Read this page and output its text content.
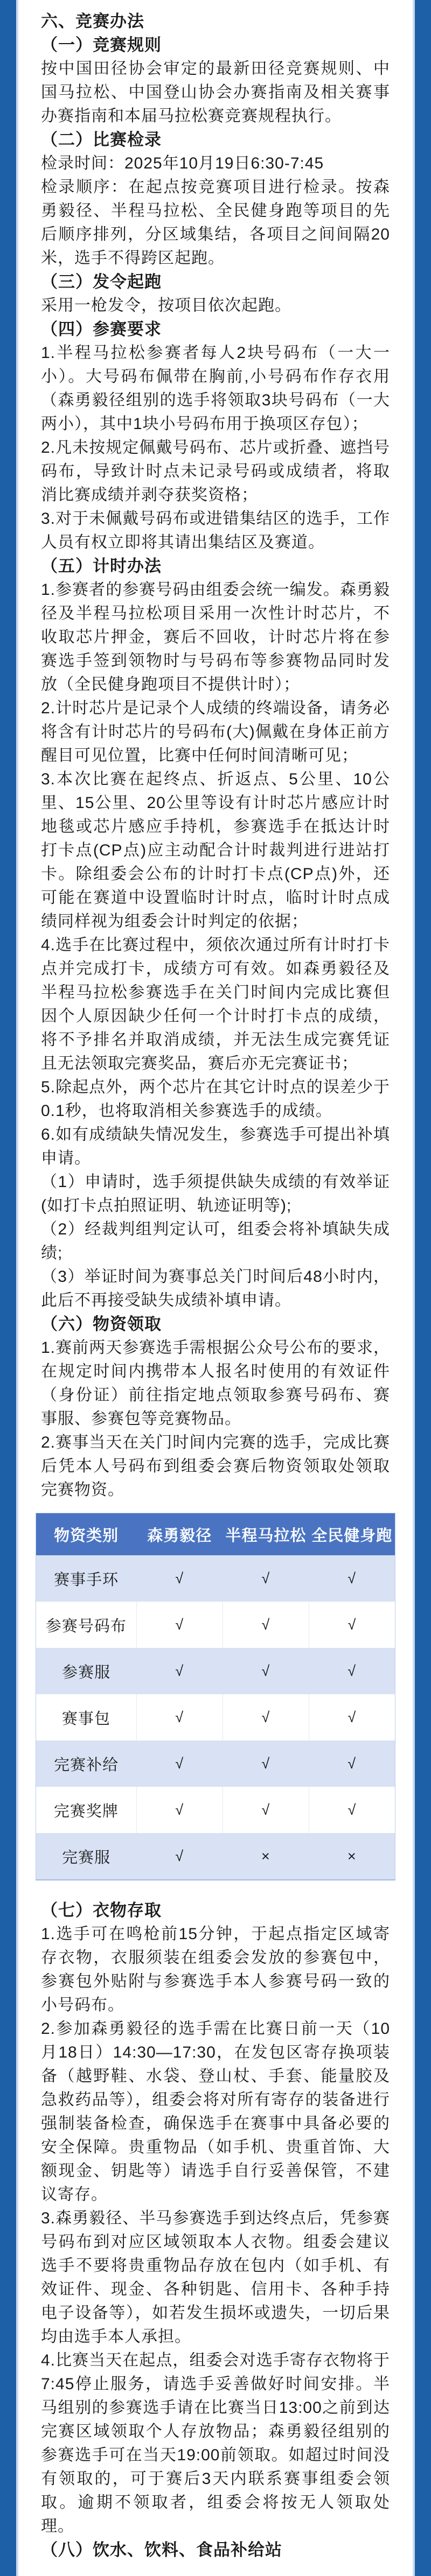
六、竞赛办法
（一）竞赛规则
按中国田径协会审定的最新田径竞赛规则、中国马拉松、中国登山协会办赛指南及相关赛事办赛指南和本届马拉松赛竞赛规程执行。
（二）比赛检录
检录时间：2025年10月19日6:30-7:45
检录顺序：在起点按竞赛项目进行检录。按森勇毅径、半程马拉松、全民健身跑等项目的先后顺序排列，分区域集结，各项目之间间隔20米，选手不得跨区起跑。
（三）发令起跑
采用一枪发令，按项目依次起跑。
（四）参赛要求
1.半程马拉松参赛者每人2块号码布（一大一小）。大号码布佩带在胸前,小号码布作存衣用（森勇毅径组别的选手将领取3块号码布（一大两小），其中1块小号码布用于换项区存包）；
2.凡未按规定佩戴号码布、芯片或折叠、遮挡号码布，导致计时点未记录号码或成绩者，将取消比赛成绩并剥夺获奖资格；
3.对于未佩戴号码布或进错集结区的选手，工作人员有权立即将其请出集结区及赛道。
（五）计时办法
1.参赛者的参赛号码由组委会统一编发。森勇毅径及半程马拉松项目采用一次性计时芯片，不收取芯片押金，赛后不回收，计时芯片将在参赛选手签到领物时与号码布等参赛物品同时发放（全民健身跑项目不提供计时）；
2.计时芯片是记录个人成绩的终端设备，请务必将含有计时芯片的号码布(大)佩戴在身体正前方醒目可见位置，比赛中任何时间清晰可见；
3.本次比赛在起终点、折返点、5公里、10公里、15公里、20公里等设有计时芯片感应计时地毯或芯片感应手持机，参赛选手在抵达计时打卡点(CP点)应主动配合计时裁判进行进站打卡。除组委会公布的计时打卡点(CP点)外，还可能在赛道中设置临时计时点，临时计时点成绩同样视为组委会计时判定的依据；
4.选手在比赛过程中，须依次通过所有计时打卡点并完成打卡，成绩方可有效。如森勇毅径及半程马拉松参赛选手在关门时间内完成比赛但因个人原因缺少任何一个计时打卡点的成绩，将不予排名并取消成绩，并无法生成完赛凭证且无法领取完赛奖品，赛后亦无完赛证书；
5.除起点外，两个芯片在其它计时点的误差少于0.1秒，也将取消相关参赛选手的成绩。
6.如有成绩缺失情况发生，参赛选手可提出补填申请。
（1）申请时，选手须提供缺失成绩的有效举证(如打卡点拍照证明、轨迹证明等);
（2）经裁判组判定认可，组委会将补填缺失成绩;
（3）举证时间为赛事总关门时间后48小时内，此后不再接受缺失成绩补填申请。
（六）物资领取
1.赛前两天参赛选手需根据公众号公布的要求，在规定时间内携带本人报名时使用的有效证件（身份证）前往指定地点领取参赛号码布、赛事服、参赛包等竞赛物品。
2.赛事当天在关门时间内完赛的选手，完成比赛后凭本人号码布到组委会赛后物资领取处领取完赛物资。
物资类别	森勇毅径	半程马拉松	全民健身跑
赛事手环	√	√	√
参赛号码布	√	√	√
参赛服	√	√	√
赛事包	√	√	√
完赛补给	√	√	√
完赛奖牌	√	√	√
完赛服	√	×	×
（七）衣物存取
1.选手可在鸣枪前15分钟，于起点指定区域寄存衣物，衣服须装在组委会发放的参赛包中，参赛包外贴附与参赛选手本人参赛号码一致的小号码布。
2.参加森勇毅径的选手需在比赛日前一天（10月18日）14:30—17:30，在发包区寄存换项装备（越野鞋、水袋、登山杖、手套、能量胶及急救药品等），组委会将对所有寄存的装备进行强制装备检查，确保选手在赛事中具备必要的安全保障。贵重物品（如手机、贵重首饰、大额现金、钥匙等）请选手自行妥善保管，不建议寄存。
3.森勇毅径、半马参赛选手到达终点后，凭参赛号码布到对应区域领取本人衣物。组委会建议选手不要将贵重物品存放在包内（如手机、有效证件、现金、各种钥匙、信用卡、各种手持电子设备等），如若发生损坏或遗失，一切后果均由选手本人承担。
4.比赛当天在起点，组委会对选手寄存衣物将于7:45停止服务，请选手妥善做好时间安排。半马组别的参赛选手请在比赛当日13:00之前到达完赛区域领取个人存放物品；森勇毅径组别的参赛选手可在当天19:00前领取。如超过时间没有领取的，可于赛后3天内联系赛事组委会领取。逾期不领取者，组委会将按无人领取处理。
（八）饮水、饮料、食品补给站
